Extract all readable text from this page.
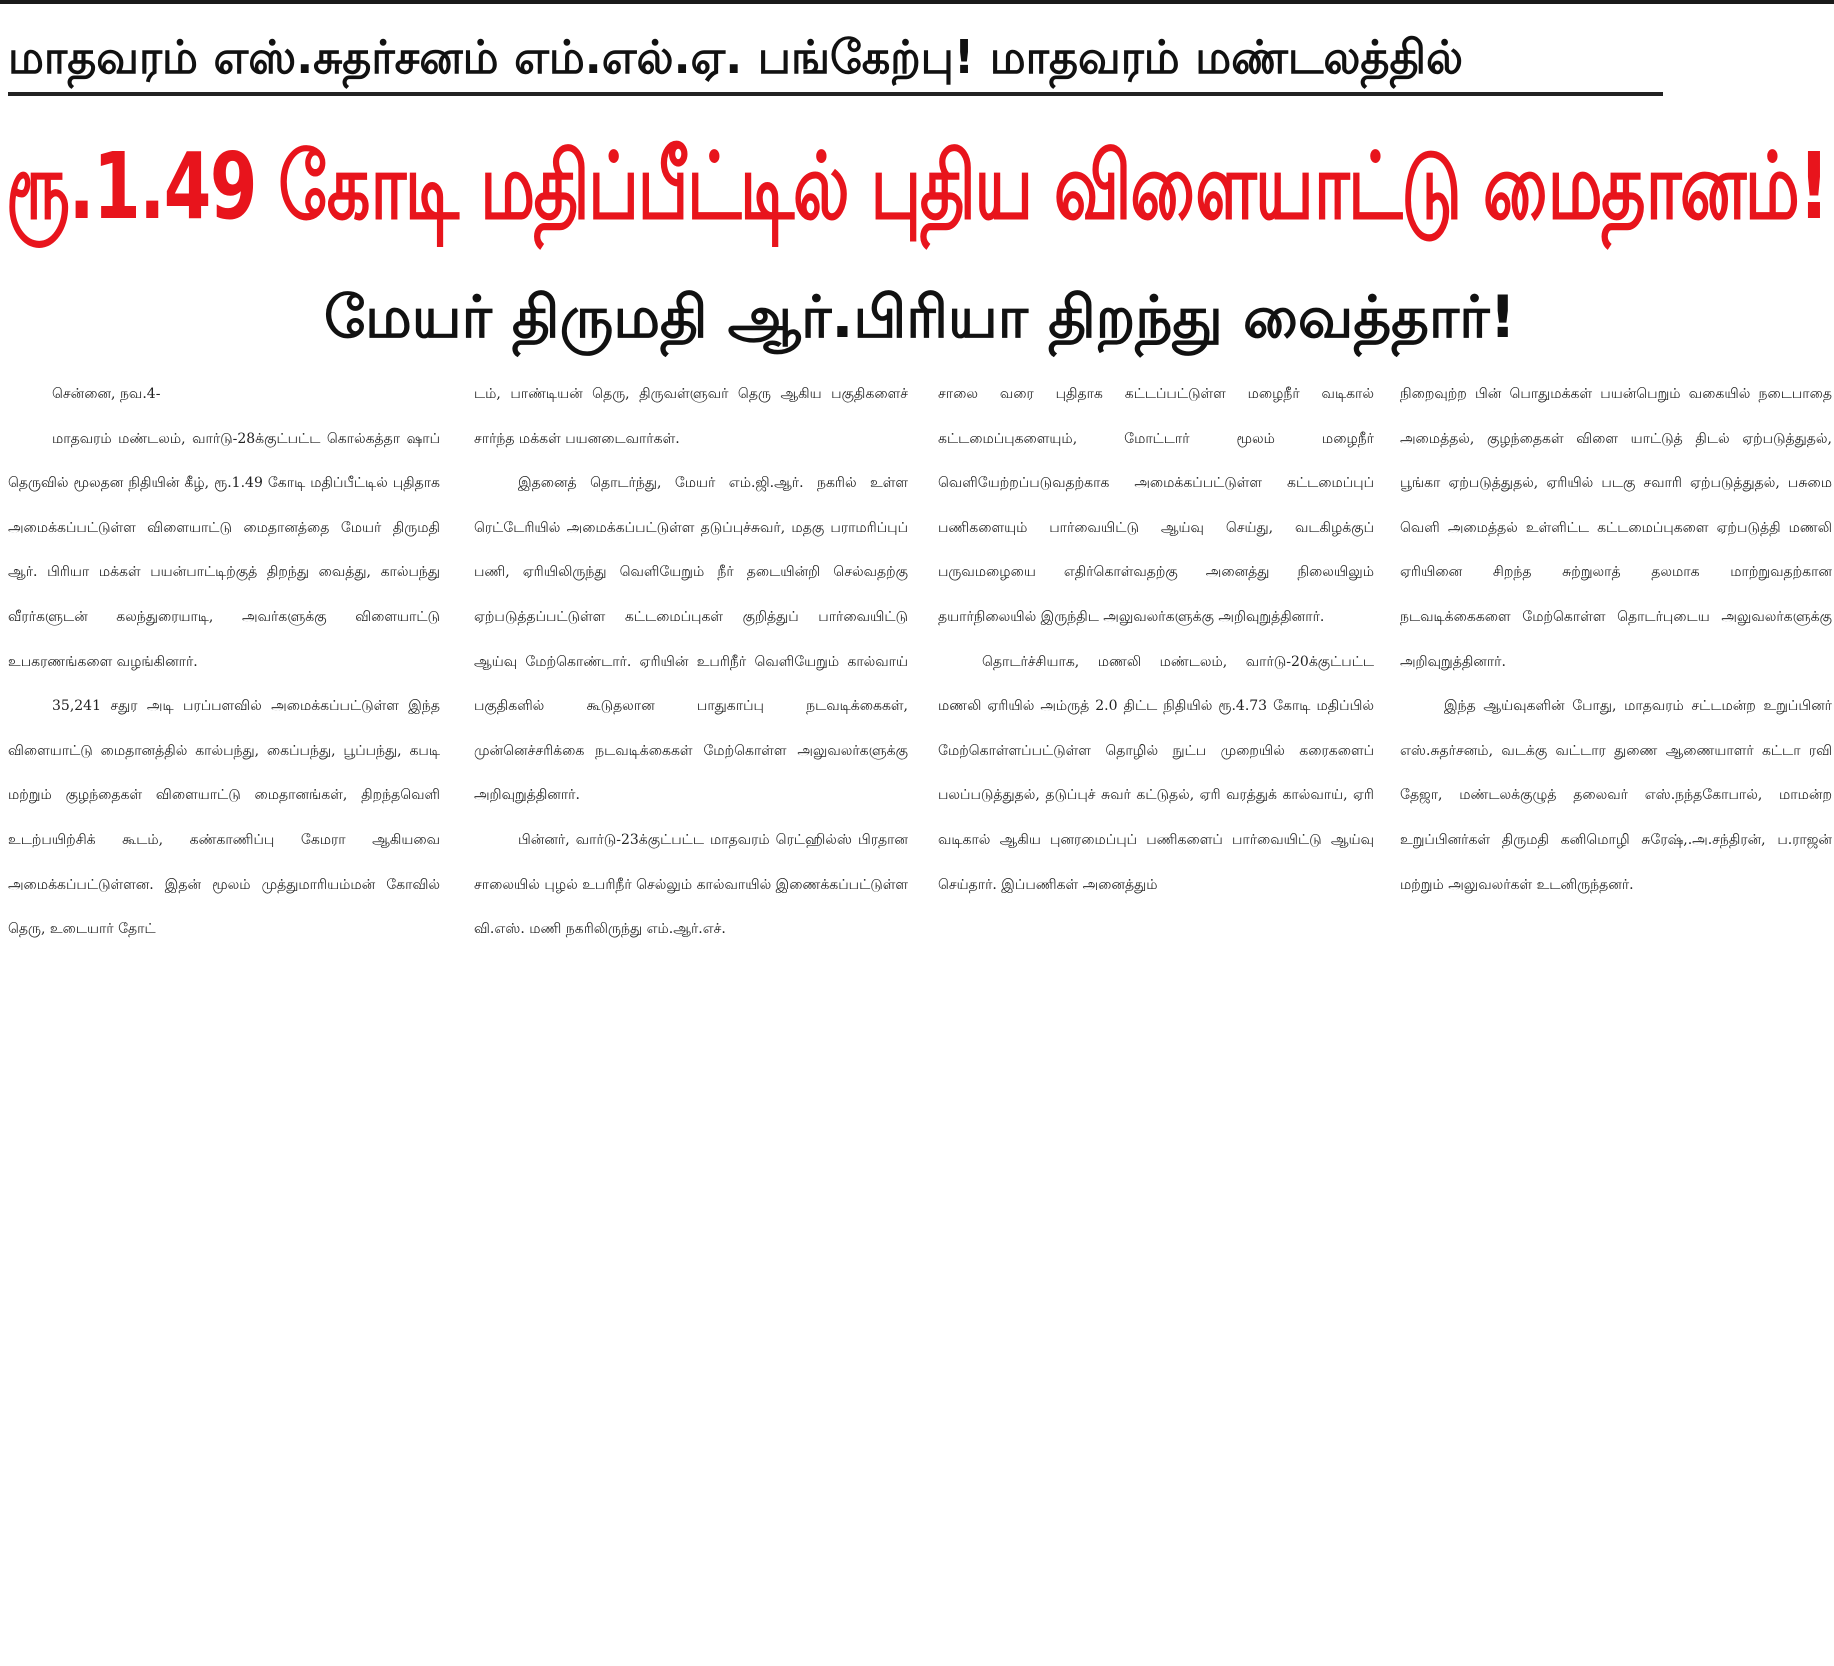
மாதவரம் எஸ்.சுதர்சனம் எம்.எல்.ஏ. பங்கேற்பு! மாதவரம் மண்டலத்தில்
ரூ.1.49 கோடி மதிப்பீட்டில் புதிய விளையாட்டு மைதானம்!
மேயர் திருமதி ஆர்.பிரியா திறந்து வைத்தார்!

சென்னை, நவ.4-

மாதவரம் மண்டலம், வார்டு-28க்குட்பட்ட கொல்கத்தா ஷாப் தெருவில் மூலதன நிதியின் கீழ், ரூ.1.49 கோடி மதிப்பீட்டில் புதிதாக அமைக்கப்பட்டுள்ள விளையாட்டு மைதானத்தை மேயர் திருமதி ஆர். பிரியா மக்கள் பயன்பாட்டிற்குத் திறந்து வைத்து, கால்பந்து வீரர்களுடன் கலந்துரையாடி, அவர்களுக்கு விளையாட்டு உபகரணங்களை வழங்கினார்.

35,241 சதுர அடி பரப்பளவில் அமைக்கப்பட்டுள்ள இந்த விளையாட்டு மைதானத்தில் கால்பந்து, கைப்பந்து, பூப்பந்து, கபடி மற்றும் குழந்தைகள் விளையாட்டு மைதானங்கள், திறந்தவெளி உடற்பயிற்சிக் கூடம், கண்காணிப்பு கேமரா ஆகியவை அமைக்கப்பட்டுள்ளன. இதன் மூலம் முத்துமாரியம்மன் கோவில் தெரு, உடையார் தோட்

டம், பாண்டியன் தெரு, திருவள்ளுவர் தெரு ஆகிய பகுதிகளைச் சார்ந்த மக்கள் பயனடைவார்கள்.

இதனைத் தொடர்ந்து, மேயர் எம்.ஜி.ஆர். நகரில் உள்ள ரெட்டேரியில் அமைக்கப்பட்டுள்ள தடுப்புச்சுவர், மதகு பராமரிப்புப் பணி, ஏரியிலிருந்து வெளியேறும் நீர் தடையின்றி செல்வதற்கு ஏற்படுத்தப்பட்டுள்ள கட்டமைப்புகள் குறித்துப் பார்வையிட்டு ஆய்வு மேற்கொண்டார். ஏரியின் உபரிநீர் வெளியேறும் கால்வாய் பகுதிகளில் கூடுதலான பாதுகாப்பு நடவடிக்கைகள், முன்னெச்சரிக்கை நடவடிக்கைகள் மேற்கொள்ள அலுவலர்களுக்கு அறிவுறுத்தினார்.

பின்னர், வார்டு-23க்குட்பட்ட மாதவரம் ரெட்ஹில்ஸ் பிரதான சாலையில் புழல் உபரிநீர் செல்லும் கால்வாயில் இணைக்கப்பட்டுள்ள வி.எஸ். மணி நகரிலிருந்து எம்.ஆர்.எச்.

சாலை வரை புதிதாக கட்டப்பட்டுள்ள மழைநீர் வடிகால் கட்டமைப்புகளையும், மோட்டார் மூலம் மழைநீர் வெளியேற்றப்படுவதற்காக அமைக்கப்பட்டுள்ள கட்டமைப்புப் பணிகளையும் பார்வையிட்டு ஆய்வு செய்து, வடகிழக்குப் பருவமழையை எதிர்கொள்வதற்கு அனைத்து நிலையிலும் தயார்நிலையில் இருந்திட அலுவலர்களுக்கு அறிவுறுத்தினார்.

தொடர்ச்சியாக, மணலி மண்டலம், வார்டு-20க்குட்பட்ட மணலி ஏரியில் அம்ருத் 2.0 திட்ட நிதியில் ரூ.4.73 கோடி மதிப்பில் மேற்கொள்ளப்பட்டுள்ள தொழில் நுட்ப முறையில் கரைகளைப் பலப்படுத்துதல், தடுப்புச் சுவர் கட்டுதல், ஏரி வரத்துக் கால்வாய், ஏரி வடிகால் ஆகிய புனரமைப்புப் பணிகளைப் பார்வையிட்டு ஆய்வு செய்தார். இப்பணிகள் அனைத்தும்

நிறைவுற்ற பின் பொதுமக்கள் பயன்பெறும் வகையில் நடைபாதை அமைத்தல், குழந்தைகள் விளை யாட்டுத் திடல் ஏற்படுத்துதல், பூங்கா ஏற்படுத்துதல், ஏரியில் படகு சவாரி ஏற்படுத்துதல், பசுமை வெளி அமைத்தல் உள்ளிட்ட கட்டமைப்புகளை ஏற்படுத்தி மணலி ஏரியினை சிறந்த சுற்றுலாத் தலமாக மாற்றுவதற்கான நடவடிக்கைகளை மேற்கொள்ள தொடர்புடைய அலுவலர்களுக்கு அறிவுறுத்தினார்.

இந்த ஆய்வுகளின் போது, மாதவரம் சட்டமன்ற உறுப்பினர் எஸ்.சுதர்சனம், வடக்கு வட்டார துணை ஆணையாளர் கட்டா ரவி தேஜா, மண்டலக்குழுத் தலைவர் எஸ்.நந்தகோபால், மாமன்ற உறுப்பினர்கள் திருமதி கனிமொழி சுரேஷ்,.அ.சந்திரன், ப.ராஜன் மற்றும் அலுவலர்கள் உடனிருந்தனர்.
